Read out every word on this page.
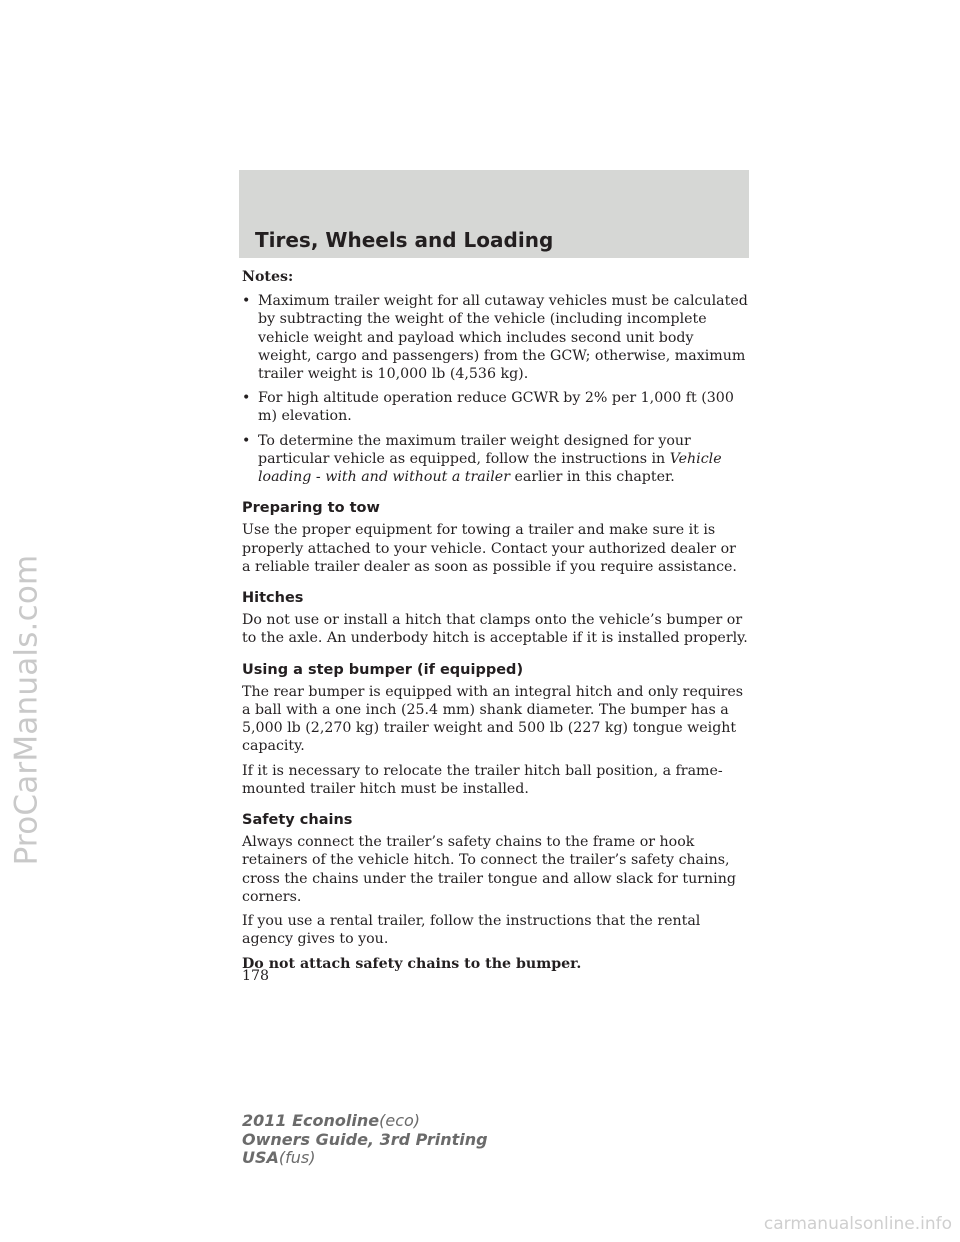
ProCarManuals.com
Tires, Wheels and Loading

Notes:

• Maximum trailer weight for all cutaway vehicles must be calculated by subtracting the weight of the vehicle (including incomplete vehicle weight and payload which includes second unit body weight, cargo and passengers) from the GCW; otherwise, maximum trailer weight is 10,000 lb (4,536 kg).

• For high altitude operation reduce GCWR by 2% per 1,000 ft (300 m) elevation.

• To determine the maximum trailer weight designed for your particular vehicle as equipped, follow the instructions in Vehicle loading - with and without a trailer earlier in this chapter.

Preparing to tow

Use the proper equipment for towing a trailer and make sure it is properly attached to your vehicle. Contact your authorized dealer or a reliable trailer dealer as soon as possible if you require assistance.

Hitches

Do not use or install a hitch that clamps onto the vehicle’s bumper or to the axle. An underbody hitch is acceptable if it is installed properly.

Using a step bumper (if equipped)

The rear bumper is equipped with an integral hitch and only requires a ball with a one inch (25.4 mm) shank diameter. The bumper has a 5,000 lb (2,270 kg) trailer weight and 500 lb (227 kg) tongue weight capacity.

If it is necessary to relocate the trailer hitch ball position, a frame-mounted trailer hitch must be installed.

Safety chains

Always connect the trailer’s safety chains to the frame or hook retainers of the vehicle hitch. To connect the trailer’s safety chains, cross the chains under the trailer tongue and allow slack for turning corners.

If you use a rental trailer, follow the instructions that the rental agency gives to you.

Do not attach safety chains to the bumper.

178
2011 Econoline(eco)
Owners Guide, 3rd Printing
USA(fus)
carmanualsonline.info
